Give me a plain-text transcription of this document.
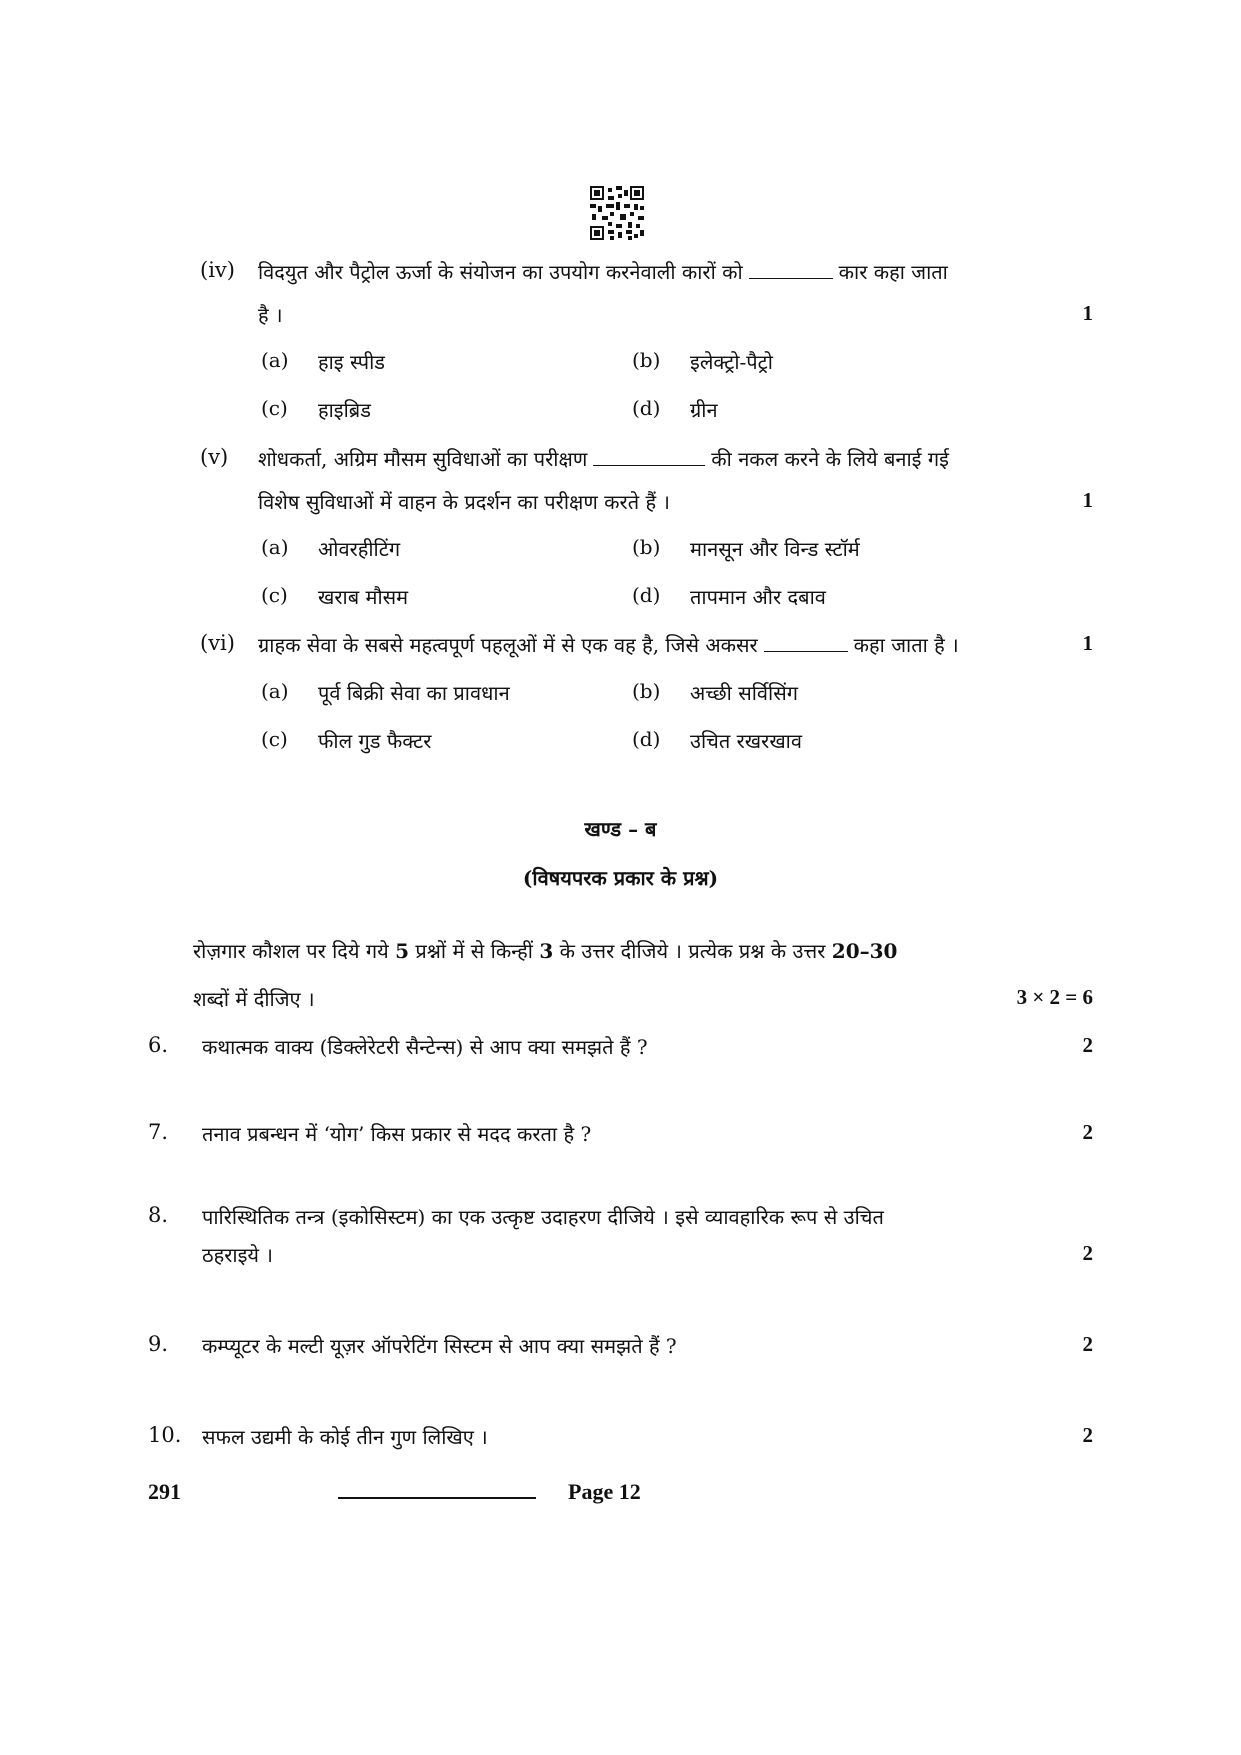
(iv) विदयुत और पैट्रोल ऊर्जा के संयोजन का उपयोग करनेवाली कारों को	कार कहा जाता
है ।	1
(a) हाइ स्पीड	(b) इलेक्ट्रो-पैट्रो
(c) हाइब्रिड	(d) ग्रीन
(v) शोधकर्ता, अग्रिम मौसम सुविधाओं का परीक्षण	की नकल करने के लिये बनाई गई
विशेष सुविधाओं में वाहन के प्रदर्शन का परीक्षण करते हैं ।	1
(a) ओवरहीटिंग	(b) मानसून और विन्ड स्टॉर्म
(c) खराब मौसम	(d) तापमान और दबाव
(vi) ग्राहक सेवा के सबसे महत्वपूर्ण पहलूओं में से एक वह है, जिसे अकसर	कहा जाता है ।	1
(a) पूर्व बिक्री सेवा का प्रावधान	(b) अच्छी सर्विसिंग
(c) फील गुड फैक्टर	(d) उचित रखरखाव
खण्ड – ब
(विषयपरक प्रकार के प्रश्न)
रोज़गार कौशल पर दिये गये 5 प्रश्नों में से किन्हीं 3 के उत्तर दीजिये । प्रत्येक प्रश्न के उत्तर 20–30
शब्दों में दीजिए ।	3 × 2 = 6
6. कथात्मक वाक्य (डिक्लेरेटरी सैन्टेन्स) से आप क्या समझते हैं ?	2
7. तनाव प्रबन्धन में ‘योग’ किस प्रकार से मदद करता है ?	2
8. पारिस्थितिक तन्त्र (इकोसिस्टम) का एक उत्कृष्ट उदाहरण दीजिये । इसे व्यावहारिक रूप से उचित
ठहराइये ।	2
9. कम्प्यूटर के मल्टी यूज़र ऑपरेटिंग सिस्टम से आप क्या समझते हैं ?	2
10. सफल उद्यमी के कोई तीन गुण लिखिए ।	2
291	Page 12
